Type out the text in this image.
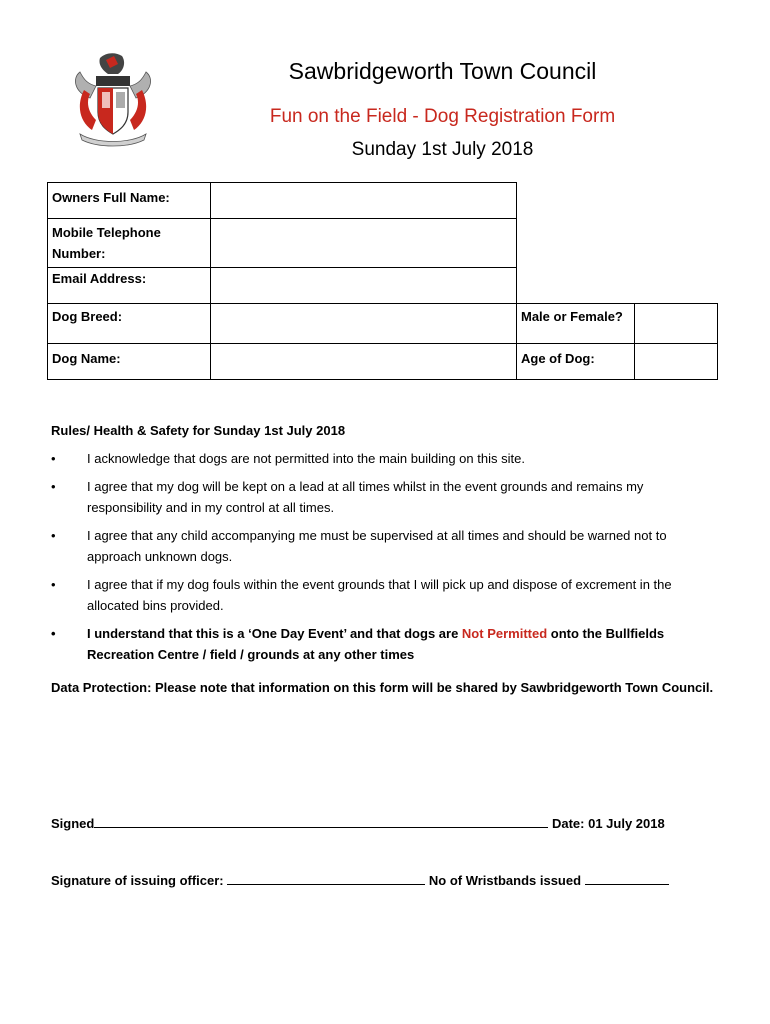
Sawbridgeworth Town Council
Fun on the Field - Dog Registration Form
Sunday 1st July 2018
Owners Full Name:
Mobile Telephone
Number:
Email Address:
Dog Breed:	Male or Female?
Dog Name:	Age of Dog:
Rules/ Health & Safety for Sunday 1st July 2018
• I acknowledge that dogs are not permitted into the main building on this site.
• I agree that my dog will be kept on a lead at all times whilst in the event grounds and remains my responsibility and in my control at all times.
• I agree that any child accompanying me must be supervised at all times and should be warned not to approach unknown dogs.
• I agree that if my dog fouls within the event grounds that I will pick up and dispose of excrement in the allocated bins provided.
• I understand that this is a ‘One Day Event’ and that dogs are Not Permitted onto the Bullfields Recreation Centre / field / grounds at any other times
Data Protection: Please note that information on this form will be shared by Sawbridgeworth Town Council.
Signed	Date: 01 July 2018
Signature of issuing officer:	No of Wristbands issued
